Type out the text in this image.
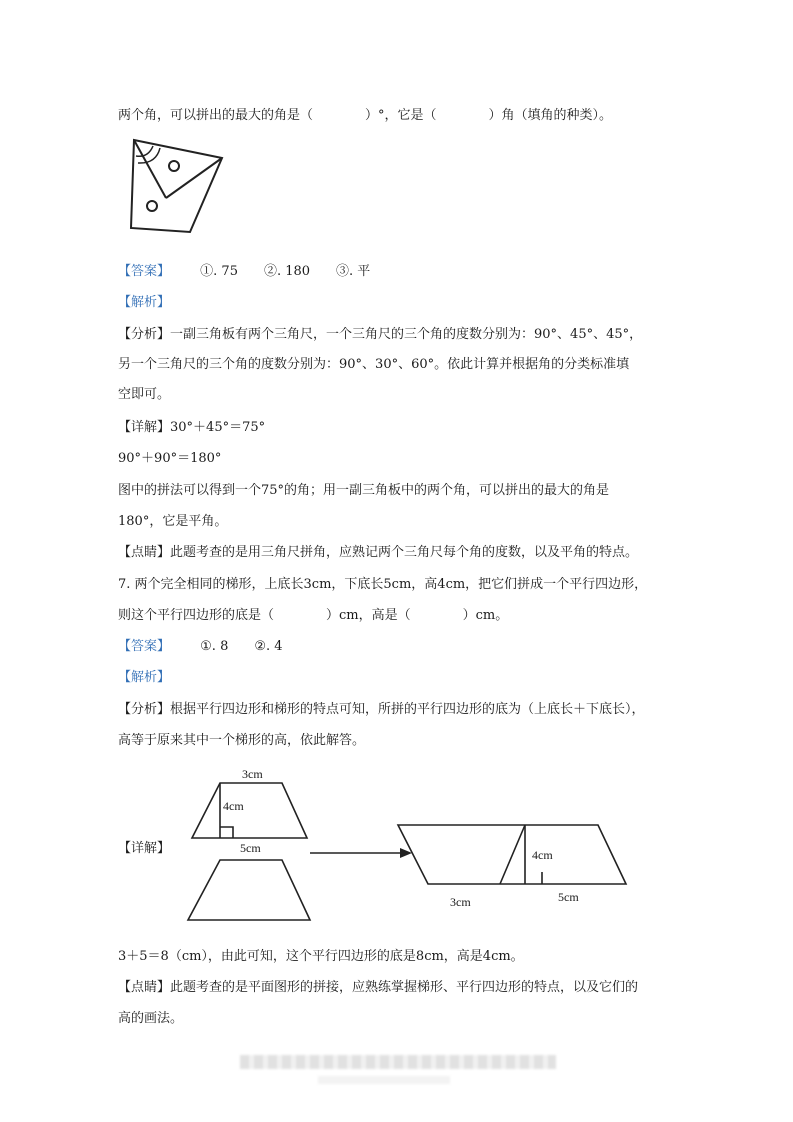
两个角，可以拼出的最大的角是（　　　　）°，它是（　　　　）角（填角的种类）。
【答案】 ①. 75　　②. 180　　③. 平
【解析】
【分析】一副三角板有两个三角尺，一个三角尺的三个角的度数分别为：90°、45°、45°，
另一个三角尺的三个角的度数分别为：90°、30°、60°。依此计算并根据角的分类标准填
空即可。
【详解】30°＋45°＝75°
90°＋90°＝180°
图中的拼法可以得到一个75°的角；用一副三角板中的两个角，可以拼出的最大的角是
180°，它是平角。
【点睛】此题考查的是用三角尺拼角，应熟记两个三角尺每个角的度数，以及平角的特点。
7. 两个完全相同的梯形，上底长3cm，下底长5cm，高4cm，把它们拼成一个平行四边形，
则这个平行四边形的底是（　　　　）cm，高是（　　　　）cm。
【答案】 ①. 8　　②. 4
【解析】
【分析】根据平行四边形和梯形的特点可知，所拼的平行四边形的底为（上底长＋下底长），
高等于原来其中一个梯形的高，依此解答。
【详解】
3cm
4cm
5cm	4cm
3cm	5cm
3＋5＝8（cm），由此可知，这个平行四边形的底是8cm，高是4cm。
【点睛】此题考查的是平面图形的拼接，应熟练掌握梯形、平行四边形的特点，以及它们的
高的画法。
